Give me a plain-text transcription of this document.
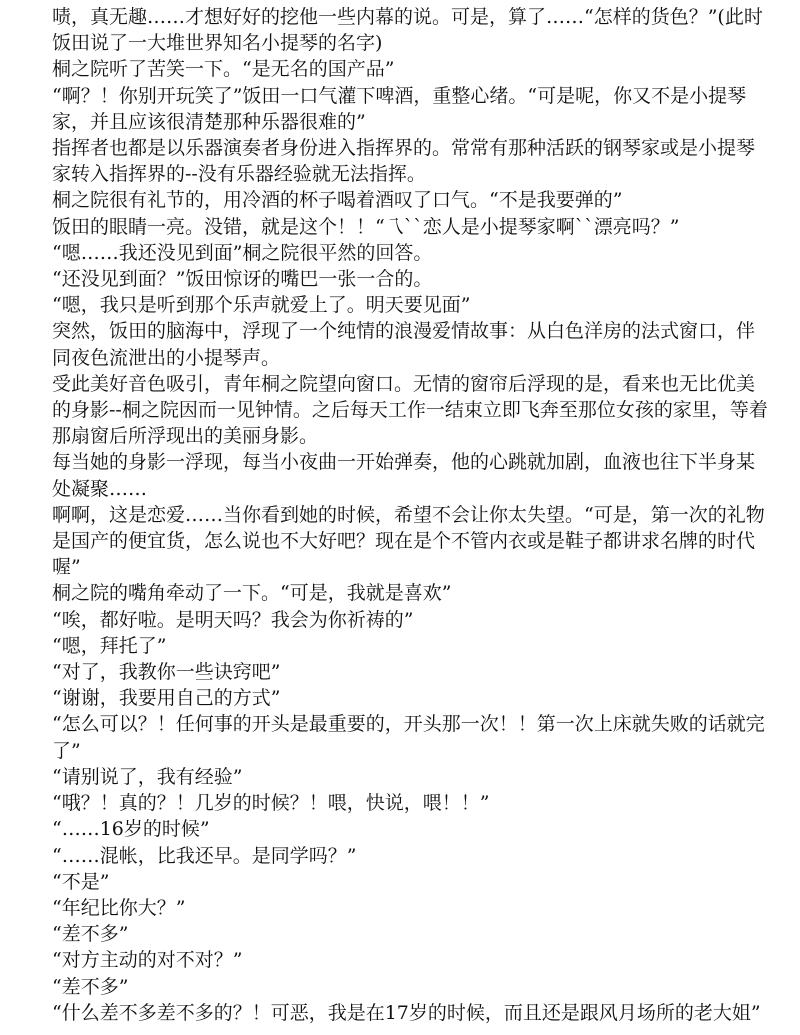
啧，真无趣……才想好好的挖他一些内幕的说。可是，算了……“怎样的货色？”(此时饭田说了一大堆世界知名小提琴的名字)

桐之院听了苦笑一下。“是无名的国产品”

“啊？！你别开玩笑了”饭田一口气灌下啤酒，重整心绪。“可是呢，你又不是小提琴家，并且应该很清楚那种乐器很难的”

指挥者也都是以乐器演奏者身份进入指挥界的。常常有那种活跃的钢琴家或是小提琴家转入指挥界的--没有乐器经验就无法指挥。

桐之院很有礼节的，用冷酒的杯子喝着酒叹了口气。“不是我要弹的”

饭田的眼睛一亮。没错，就是这个！！“乁``恋人是小提琴家啊``漂亮吗？”

“嗯……我还没见到面”桐之院很平然的回答。

“还没见到面？”饭田惊讶的嘴巴一张一合的。

“嗯，我只是听到那个乐声就爱上了。明天要见面”

突然，饭田的脑海中，浮现了一个纯情的浪漫爱情故事：从白色洋房的法式窗口，伴同夜色流泄出的小提琴声。

受此美好音色吸引，青年桐之院望向窗口。无情的窗帘后浮现的是，看来也无比优美的身影--桐之院因而一见钟情。之后每天工作一结束立即飞奔至那位女孩的家里，等着那扇窗后所浮现出的美丽身影。

每当她的身影一浮现，每当小夜曲一开始弹奏，他的心跳就加剧，血液也往下半身某处凝聚……

啊啊，这是恋爱……当你看到她的时候，希望不会让你太失望。“可是，第一次的礼物是国产的便宜货，怎么说也不大好吧？现在是个不管内衣或是鞋子都讲求名牌的时代喔”

桐之院的嘴角牵动了一下。“可是，我就是喜欢”

“唉，都好啦。是明天吗？我会为你祈祷的”

“嗯，拜托了”

“对了，我教你一些诀窍吧”

“谢谢，我要用自己的方式”

“怎么可以？！任何事的开头是最重要的，开头那一次！！第一次上床就失败的话就完了”

“请别说了，我有经验”

“哦？！真的？！几岁的时候？！喂，快说，喂！！”

“……16岁的时候”

“……混帐，比我还早。是同学吗？”

“不是”

“年纪比你大？”

“差不多”

“对方主动的对不对？”

“差不多”

“什么差不多差不多的？！可恶，我是在17岁的时候，而且还是跟风月场所的老大姐”
